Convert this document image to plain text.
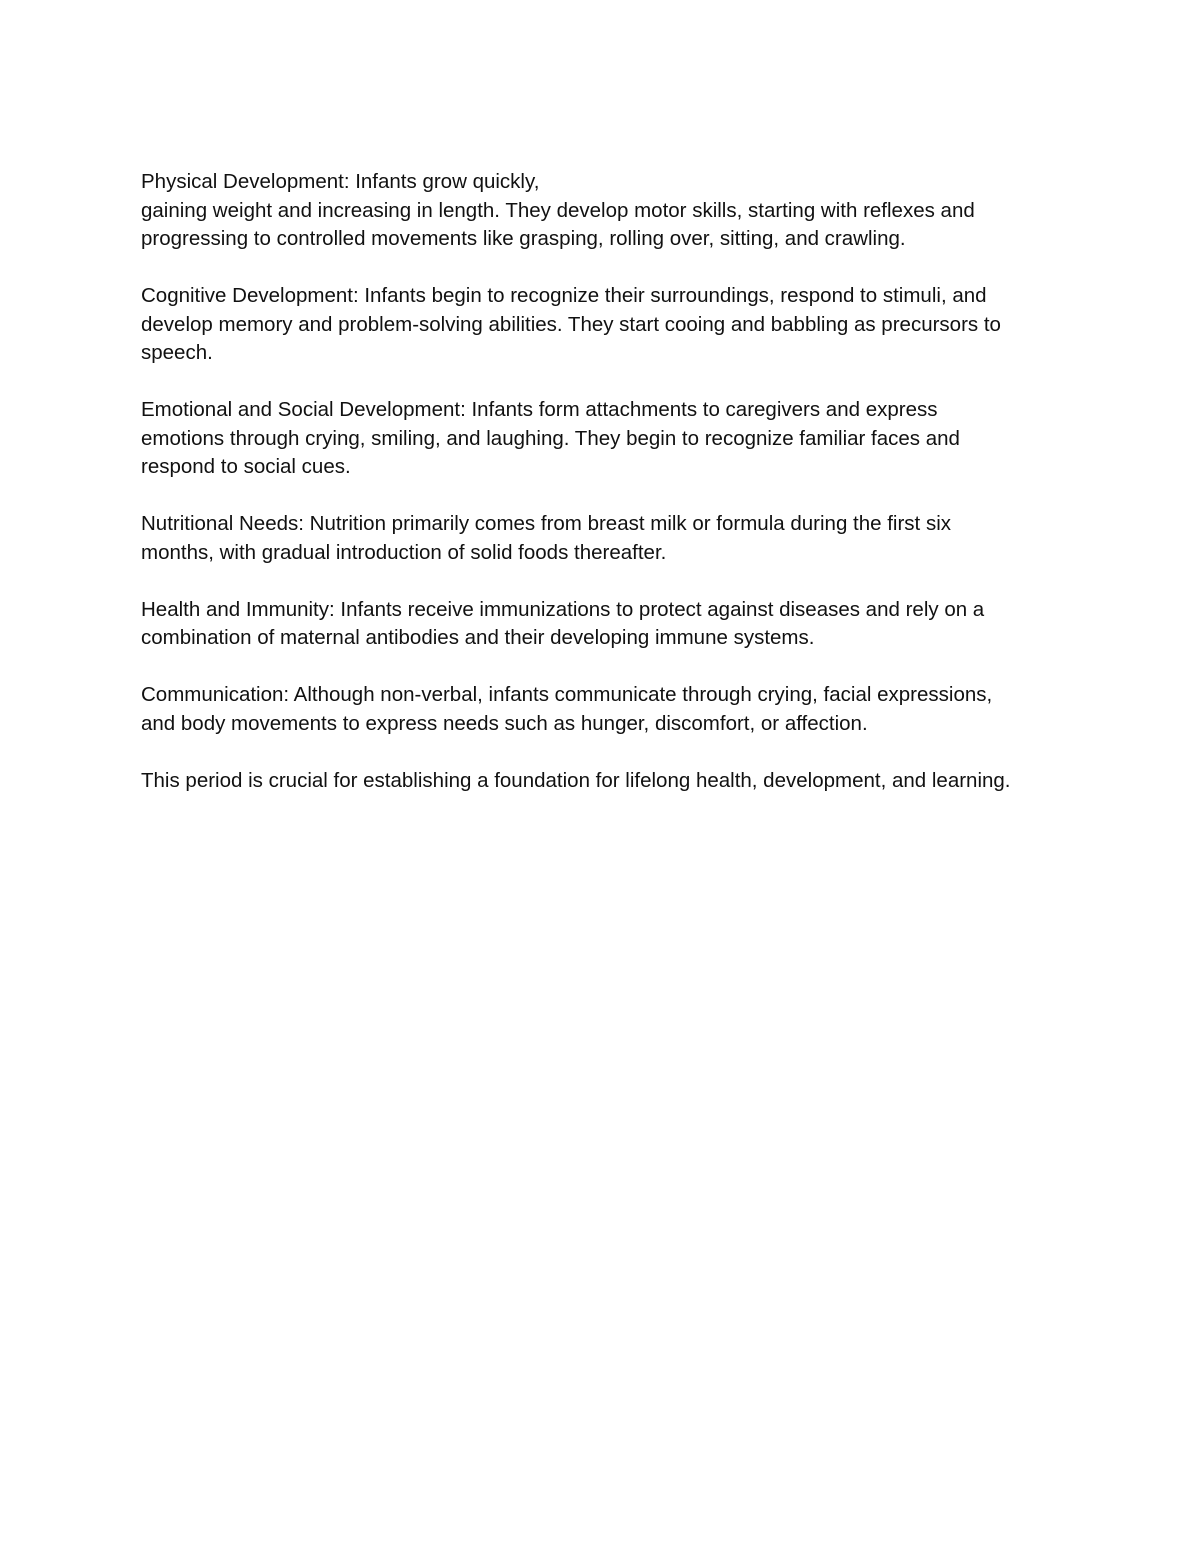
Physical Development: Infants grow quickly,
gaining weight and increasing in length. They develop motor skills, starting with reflexes and
progressing to controlled movements like grasping, rolling over, sitting, and crawling.

Cognitive Development: Infants begin to recognize their surroundings, respond to stimuli, and
develop memory and problem-solving abilities. They start cooing and babbling as precursors to
speech.

Emotional and Social Development: Infants form attachments to caregivers and express
emotions through crying, smiling, and laughing. They begin to recognize familiar faces and
respond to social cues.

Nutritional Needs: Nutrition primarily comes from breast milk or formula during the first six
months, with gradual introduction of solid foods thereafter.

Health and Immunity: Infants receive immunizations to protect against diseases and rely on a
combination of maternal antibodies and their developing immune systems.

Communication: Although non-verbal, infants communicate through crying, facial expressions,
and body movements to express needs such as hunger, discomfort, or affection.

This period is crucial for establishing a foundation for lifelong health, development, and learning.
